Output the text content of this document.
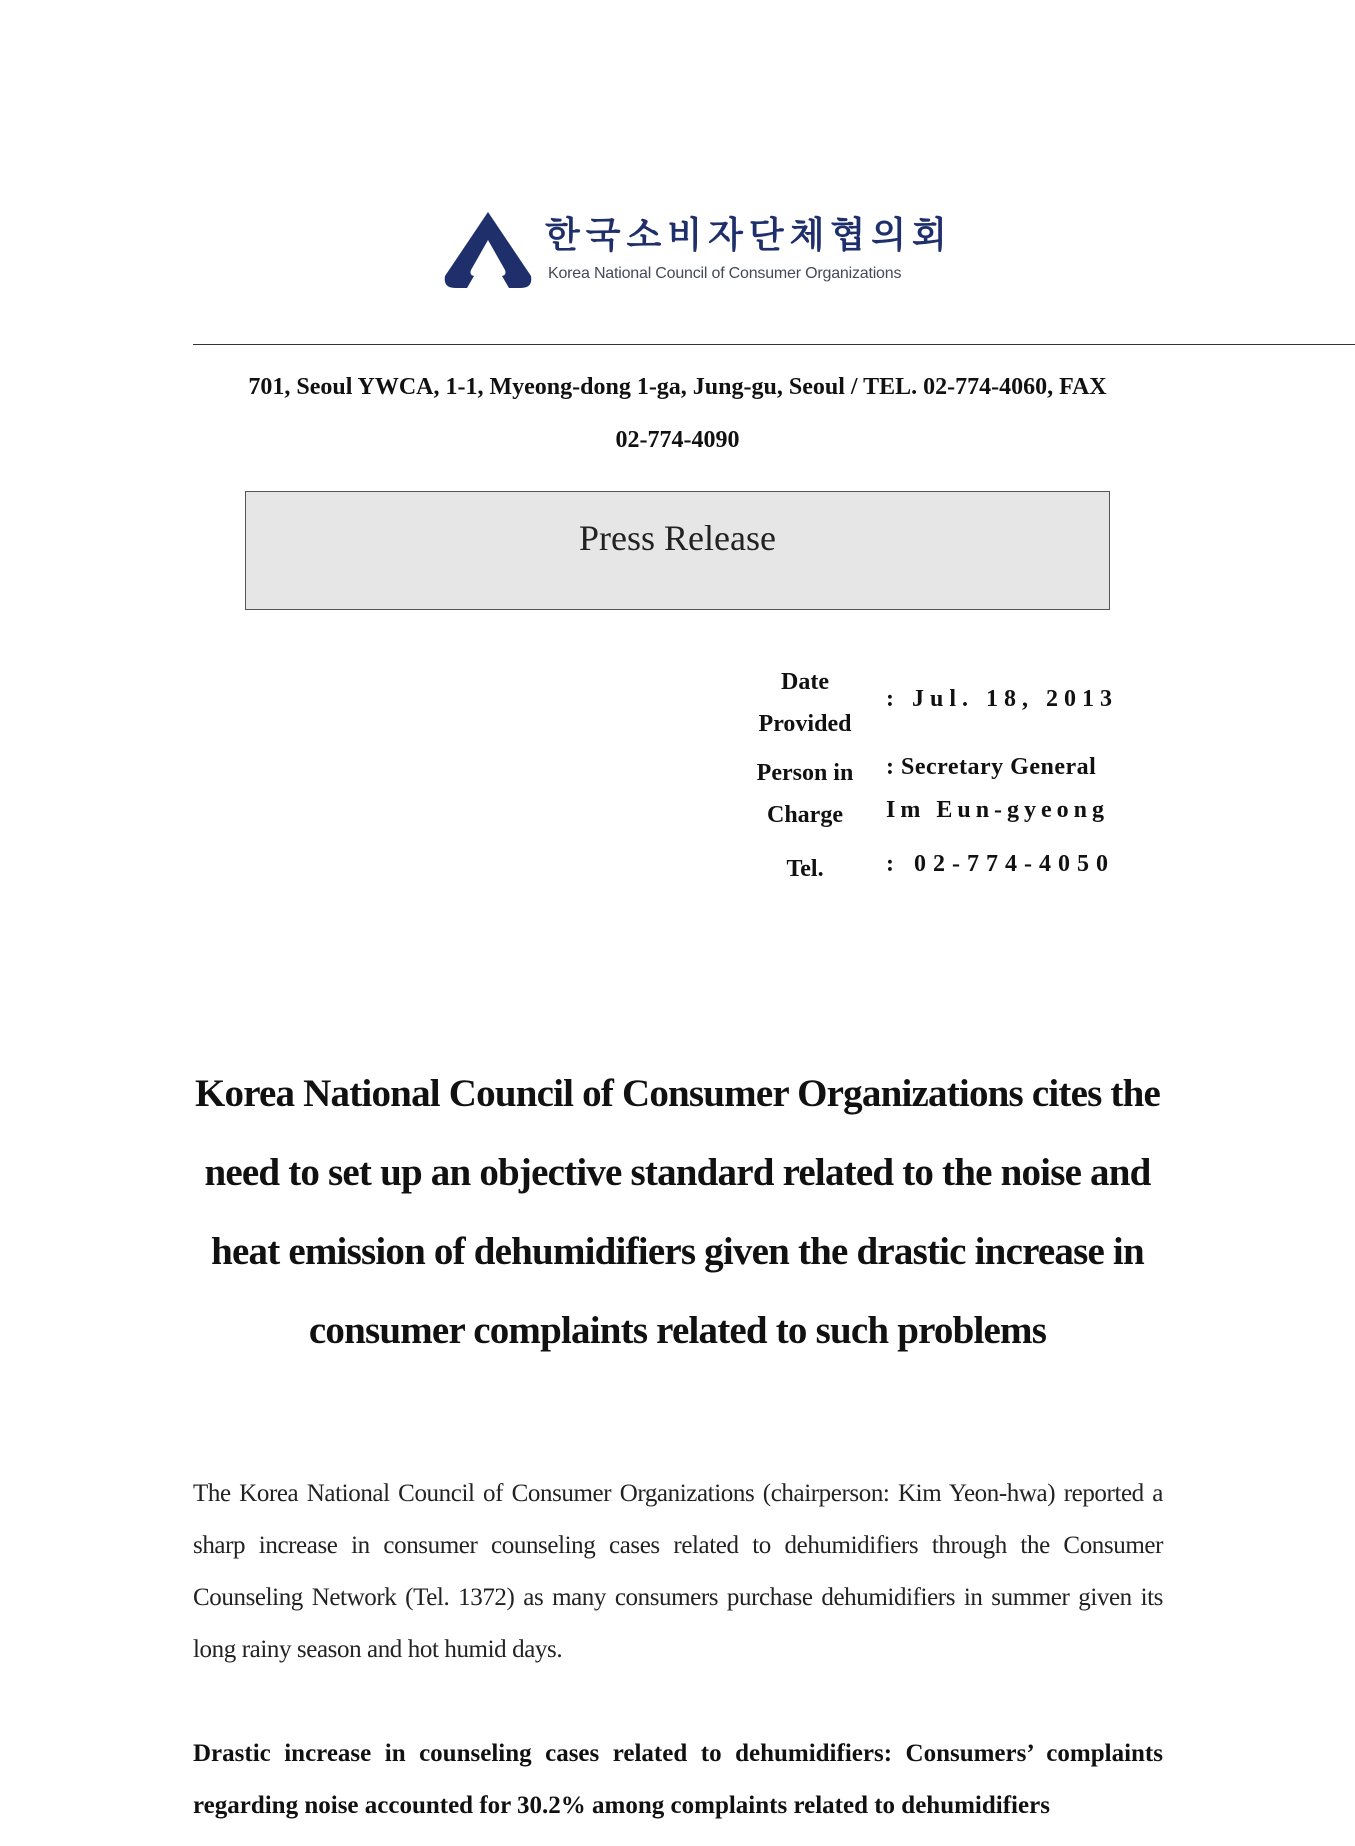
한국소비자단체협의회
Korea National Council of Consumer Organizations
701, Seoul YWCA, 1-1, Myeong-dong 1-ga, Jung-gu, Seoul / TEL. 02-774-4060, FAX
02-774-4090
Press Release
Date
Provided
: Jul. 18, 2013
Person in
Charge
: Secretary General
Im Eun-gyeong
Tel.	: 02-774-4050
Korea National Council of Consumer Organizations cites the
need to set up an objective standard related to the noise and
heat emission of dehumidifiers given the drastic increase in
consumer complaints related to such problems
The Korea National Council of Consumer Organizations (chairperson: Kim Yeon-hwa) reported a sharp increase in consumer counseling cases related to dehumidifiers through the Consumer Counseling Network (Tel. 1372) as many consumers purchase dehumidifiers in summer given its long rainy season and hot humid days.
Drastic increase in counseling cases related to dehumidifiers: Consumers’ complaints regarding noise accounted for 30.2% among complaints related to dehumidifiers
